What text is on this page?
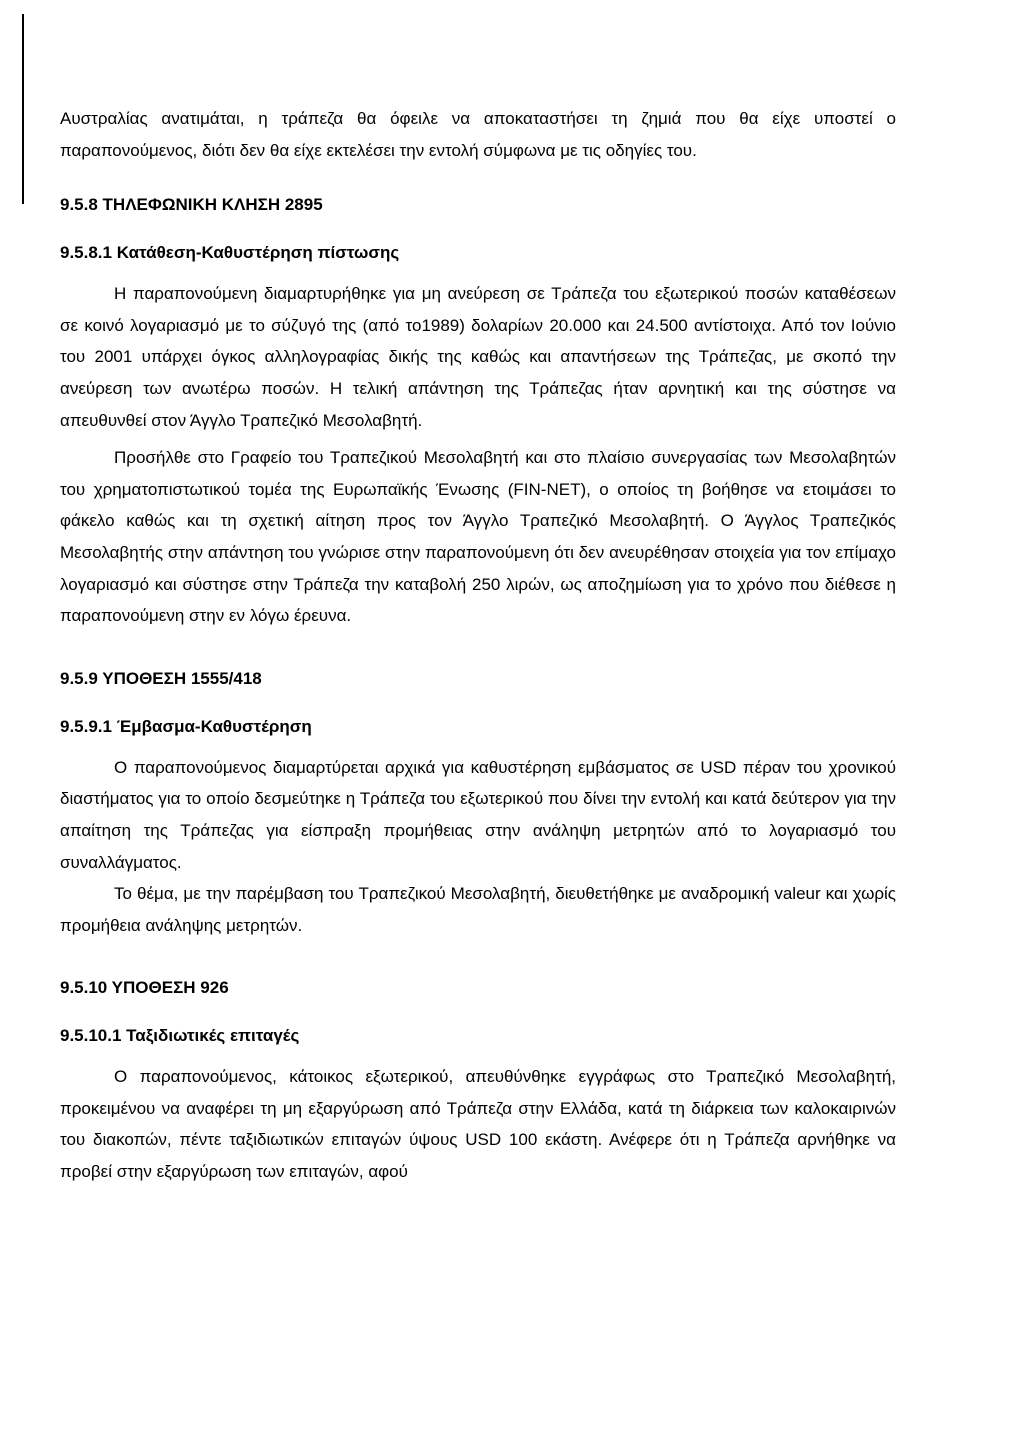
Αυστραλίας ανατιμάται, η τράπεζα θα όφειλε να αποκαταστήσει τη ζημιά που θα είχε υποστεί ο παραπονούμενος, διότι δεν θα είχε εκτελέσει την εντολή σύμφωνα με τις οδηγίες του.

9.5.8 ΤΗΛΕΦΩΝΙΚΗ ΚΛΗΣΗ 2895

9.5.8.1 Κατάθεση-Καθυστέρηση πίστωσης

Η παραπονούμενη διαμαρτυρήθηκε για μη ανεύρεση σε Τράπεζα του εξωτερικού ποσών καταθέσεων σε κοινό λογαριασμό με το σύζυγό της (από το1989) δολαρίων 20.000 και 24.500 αντίστοιχα. Από τον Ιούνιο του 2001 υπάρχει όγκος αλληλογραφίας δικής της καθώς και απαντήσεων της Τράπεζας, με σκοπό την ανεύρεση των ανωτέρω ποσών. Η τελική απάντηση της Τράπεζας ήταν αρνητική και της σύστησε να απευθυνθεί στον Άγγλο Τραπεζικό Μεσολαβητή.

Προσήλθε στο Γραφείο του Τραπεζικού Μεσολαβητή και στο πλαίσιο συνεργασίας των Μεσολαβητών του χρηματοπιστωτικού τομέα της Ευρωπαϊκής Ένωσης (FIN-NET), ο οποίος τη βοήθησε να ετοιμάσει το φάκελο καθώς και τη σχετική αίτηση προς τον Άγγλο Τραπεζικό Μεσολαβητή. Ο Άγγλος Τραπεζικός Μεσολαβητής στην απάντηση του γνώρισε στην παραπονούμενη ότι δεν ανευρέθησαν στοιχεία για τον επίμαχο λογαριασμό και σύστησε στην Τράπεζα την καταβολή 250 λιρών, ως αποζημίωση για το χρόνο που διέθεσε η παραπονούμενη στην εν λόγω έρευνα.

9.5.9 ΥΠΟΘΕΣΗ 1555/418

9.5.9.1 Έμβασμα-Καθυστέρηση

Ο παραπονούμενος διαμαρτύρεται αρχικά για καθυστέρηση εμβάσματος σε USD πέραν του χρονικού διαστήματος για το οποίο δεσμεύτηκε η Τράπεζα του εξωτερικού που δίνει την εντολή και κατά δεύτερον για την απαίτηση της Τράπεζας για είσπραξη προμήθειας στην ανάληψη μετρητών από το λογαριασμό του συναλλάγματος.

Το θέμα, με την παρέμβαση του Τραπεζικού Μεσολαβητή, διευθετήθηκε με αναδρομική valeur και χωρίς προμήθεια ανάληψης μετρητών.

9.5.10 ΥΠΟΘΕΣΗ 926

9.5.10.1 Ταξιδιωτικές επιταγές

Ο παραπονούμενος, κάτοικος εξωτερικού, απευθύνθηκε εγγράφως στο Τραπεζικό Μεσολαβητή, προκειμένου να αναφέρει τη μη εξαργύρωση από Τράπεζα στην Ελλάδα, κατά τη διάρκεια των καλοκαιρινών του διακοπών, πέντε ταξιδιωτικών επιταγών ύψους USD 100 εκάστη. Ανέφερε ότι η Τράπεζα αρνήθηκε να προβεί στην εξαργύρωση των επιταγών, αφού
